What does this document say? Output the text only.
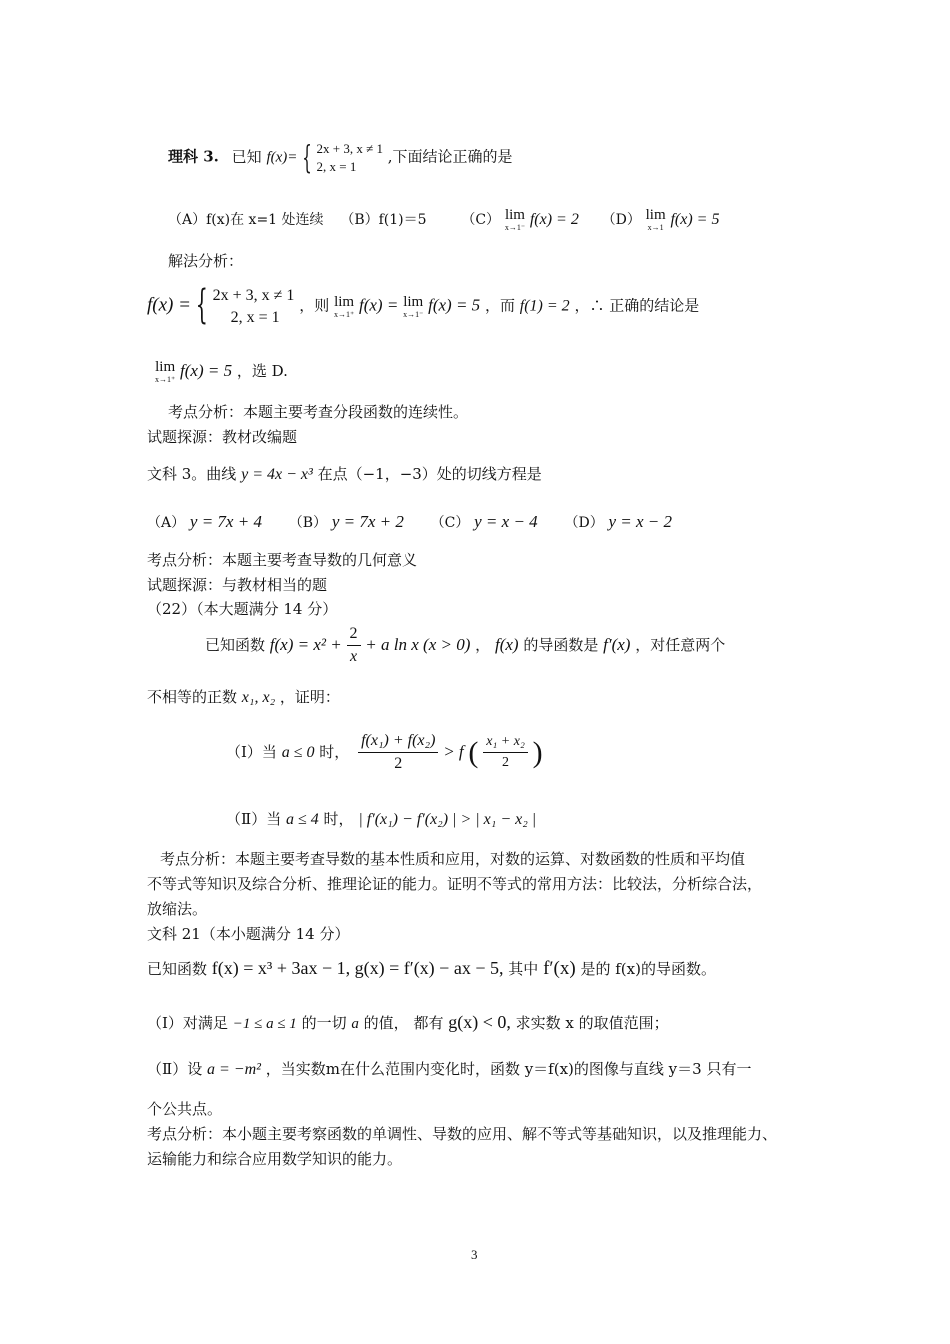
理科 3. 已知 f(x)= { 2x + 3, x ≠ 1
2, x = 1
,下面结论正确的是
（A）f(x)在 x=1 处连续 （B）f(1)＝5 （C） lim
x→1⁻ f(x) = 2 （D） lim
x→1 f(x) = 5
解法分析：
f(x) = { 2x + 3, x ≠ 1
2, x = 1
，则 lim
x→1⁺ f(x) = lim
x→1⁻ f(x) = 5 ，而 f(1) = 2 ，∴ 正确的结论是
lim
x→1⁺ f(x) = 5 ，选 D.
考点分析：本题主要考查分段函数的连续性。
试题探源：教材改编题
文科 3。曲线 y = 4x − x³ 在点（−1，−3）处的切线方程是
（A） y = 7x + 4 （B） y = 7x + 2 （C） y = x − 4 （D） y = x − 2
考点分析：本题主要考查导数的几何意义
试题探源：与教材相当的题
（22）（本大题满分 14 分）
已知函数 $f(x) = x^2 + \frac{2}{x} + a$ ln x (x > 0) ， f(x) 的导函数是 f′(x) ，对任意两个
不相等的正数 x₁, x₂ ，证明：
（Ⅰ）当 a ≤ 0 时， $\frac{\text{f(x₁) + f(x₂)}}{2} > f$ ( $\frac{\text{x₁ + x₂}}{2}$ )
（Ⅱ）当 a ≤ 4 时， | f′(x₁) − f′(x₂) | > | x₁ − x₂ |
考点分析：本题主要考查导数的基本性质和应用，对数的运算、对数函数的性质和平均值
不等式等知识及综合分析、推理论证的能力。证明不等式的常用方法：比较法，分析综合法，
放缩法。
文科 21（本小题满分 14 分）
已知函数 f(x) = x³ + 3ax − 1, g(x) = f′(x) − ax − 5, 其中 f′(x) 是的 f(x)的导函数。
（Ⅰ）对满足 −1 ≤ a ≤ 1 的一切 a 的值， 都有 g(x) < 0, 求实数 x 的取值范围；
（Ⅱ）设 a = −m² ，当实数m在什么范围内变化时，函数 y＝f(x)的图像与直线 y＝3 只有一
个公共点。
考点分析：本小题主要考察函数的单调性、导数的应用、解不等式等基础知识，以及推理能力、
运输能力和综合应用数学知识的能力。
3
